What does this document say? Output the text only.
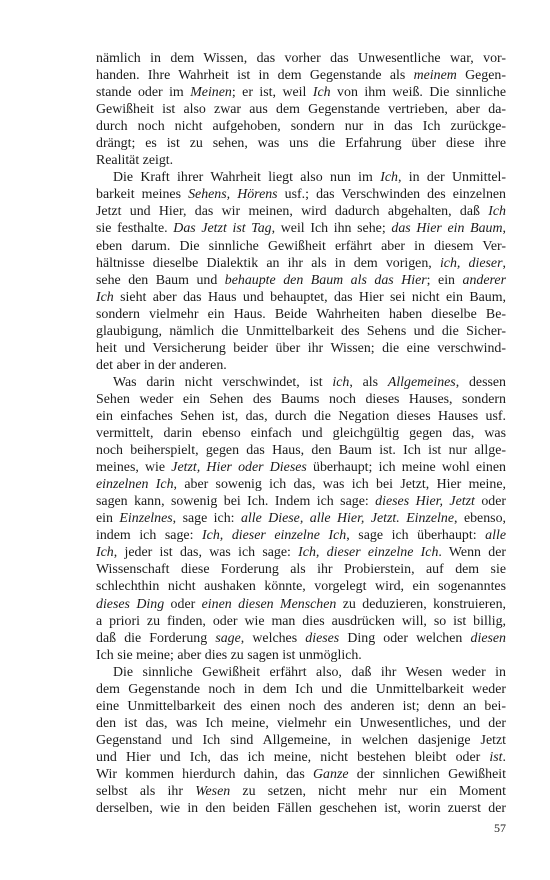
nämlich in dem Wissen, das vorher das Unwesentliche war, vor-
handen. Ihre Wahrheit ist in dem Gegenstande als meinem Gegen-
stande oder im Meinen; er ist, weil Ich von ihm weiß. Die sinnliche
Gewißheit ist also zwar aus dem Gegenstande vertrieben, aber da-
durch noch nicht aufgehoben, sondern nur in das Ich zurückge-
drängt; es ist zu sehen, was uns die Erfahrung über diese ihre
Realität zeigt.
Die Kraft ihrer Wahrheit liegt also nun im Ich, in der Unmittel-
barkeit meines Sehens, Hörens usf.; das Verschwinden des einzelnen
Jetzt und Hier, das wir meinen, wird dadurch abgehalten, daß Ich
sie festhalte. Das Jetzt ist Tag, weil Ich ihn sehe; das Hier ein Baum,
eben darum. Die sinnliche Gewißheit erfährt aber in diesem Ver-
hältnisse dieselbe Dialektik an ihr als in dem vorigen, ich, dieser,
sehe den Baum und behaupte den Baum als das Hier; ein anderer
Ich sieht aber das Haus und behauptet, das Hier sei nicht ein Baum,
sondern vielmehr ein Haus. Beide Wahrheiten haben dieselbe Be-
glaubigung, nämlich die Unmittelbarkeit des Sehens und die Sicher-
heit und Versicherung beider über ihr Wissen; die eine verschwind-
det aber in der anderen.
Was darin nicht verschwindet, ist ich, als Allgemeines, dessen
Sehen weder ein Sehen des Baums noch dieses Hauses, sondern
ein einfaches Sehen ist, das, durch die Negation dieses Hauses usf.
vermittelt, darin ebenso einfach und gleichgültig gegen das, was
noch beiherspielt, gegen das Haus, den Baum ist. Ich ist nur allge-
meines, wie Jetzt, Hier oder Dieses überhaupt; ich meine wohl einen
einzelnen Ich, aber sowenig ich das, was ich bei Jetzt, Hier meine,
sagen kann, sowenig bei Ich. Indem ich sage: dieses Hier, Jetzt oder
ein Einzelnes, sage ich: alle Diese, alle Hier, Jetzt. Einzelne, ebenso,
indem ich sage: Ich, dieser einzelne Ich, sage ich überhaupt: alle
Ich, jeder ist das, was ich sage: Ich, dieser einzelne Ich. Wenn der
Wissenschaft diese Forderung als ihr Probierstein, auf dem sie
schlechthin nicht aushaken könnte, vorgelegt wird, ein sogenanntes
dieses Ding oder einen diesen Menschen zu deduzieren, konstruieren,
a priori zu finden, oder wie man dies ausdrücken will, so ist billig,
daß die Forderung sage, welches dieses Ding oder welchen diesen
Ich sie meine; aber dies zu sagen ist unmöglich.
Die sinnliche Gewißheit erfährt also, daß ihr Wesen weder in
dem Gegenstande noch in dem Ich und die Unmittelbarkeit weder
eine Unmittelbarkeit des einen noch des anderen ist; denn an bei-
den ist das, was Ich meine, vielmehr ein Unwesentliches, und der
Gegenstand und Ich sind Allgemeine, in welchen dasjenige Jetzt
und Hier und Ich, das ich meine, nicht bestehen bleibt oder ist.
Wir kommen hierdurch dahin, das Ganze der sinnlichen Gewißheit
selbst als ihr Wesen zu setzen, nicht mehr nur ein Moment
derselben, wie in den beiden Fällen geschehen ist, worin zuerst der
57
